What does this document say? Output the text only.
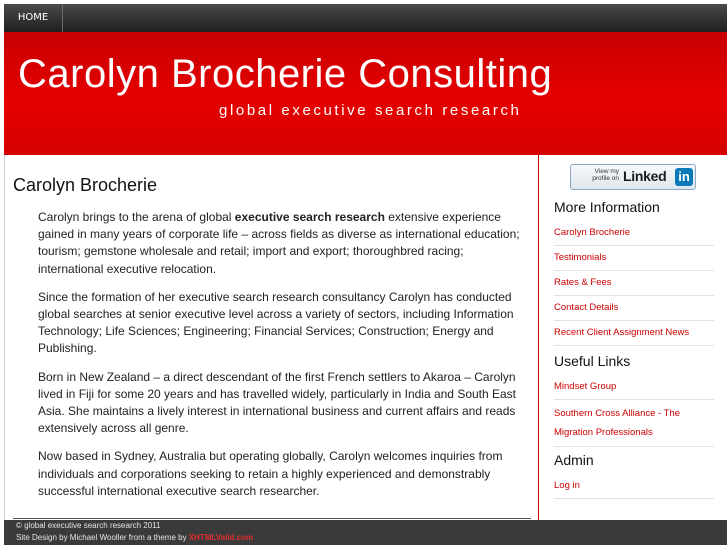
HOME
Carolyn Brocherie Consulting

global executive search research

Carolyn Brocherie

Carolyn brings to the arena of global executive search research extensive experience gained in many years of corporate life – across fields as diverse as international education; tourism; gemstone wholesale and retail; import and export; thoroughbred racing; international executive relocation.

Since the formation of her executive search research consultancy Carolyn has conducted global searches at senior executive level across a variety of sectors, including Information Technology; Life Sciences; Engineering; Financial Services; Construction; Energy and Publishing.

Born in New Zealand – a direct descendant of the first French settlers to Akaroa – Carolyn lived in Fiji for some 20 years and has travelled widely, particularly in India and South East Asia. She maintains a lively interest in international business and current affairs and reads extensively across all genre.

Now based in Sydney, Australia but operating globally, Carolyn welcomes inquiries from individuals and corporations seeking to retain a highly experienced and demonstrably successful international executive search researcher.

View my profile on Linked in
More Information
Carolyn Brocherie
Testimonials
Rates & Fees
Contact Details
Recent Client Assignment News
Useful Links
Mindset Group
Southern Cross Alliance - The Migration Professionals
Admin
Log in

© global executive search research 2011

Site Design by Michael Wooller from a theme by XHTMLValid.com
